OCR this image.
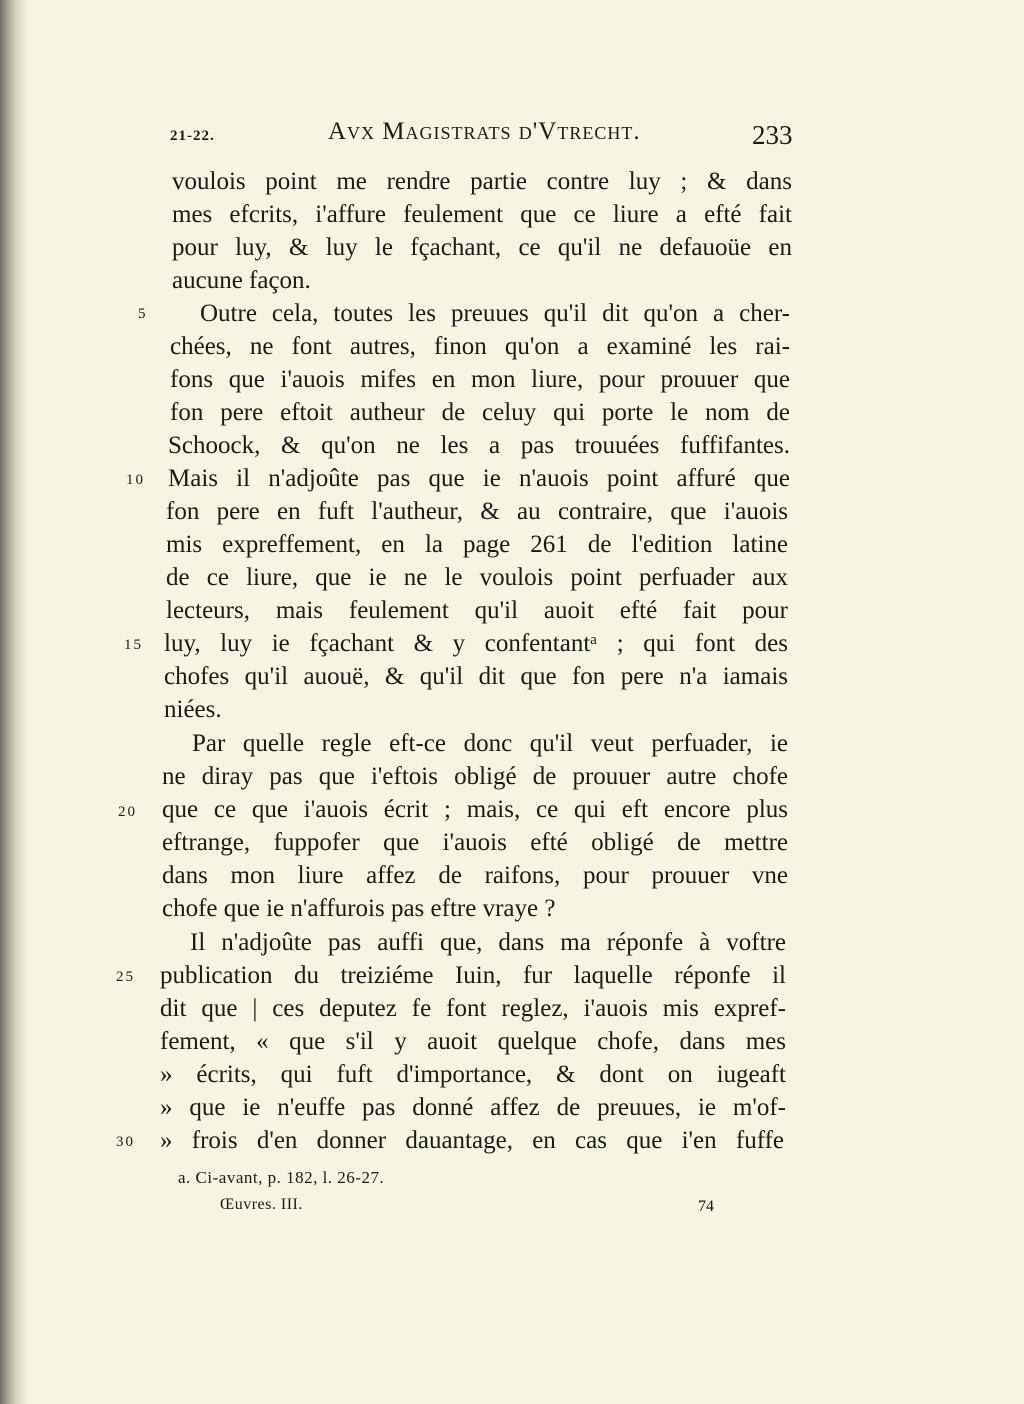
21-22.	Avx Magistrats d'Vtrecht.	233
5
10
15
20
25
30
voulois point me rendre partie contre luy ; & dans
mes efcrits, i'affure feulement que ce liure a efté fait
pour luy, & luy le fçachant, ce qu'il ne defauoüe en
aucune façon.
Outre cela, toutes les preuues qu'il dit qu'on a cher-
chées, ne font autres, finon qu'on a examiné les rai-
fons que i'auois mifes en mon liure, pour prouuer que
fon pere eftoit autheur de celuy qui porte le nom de
Schoock, & qu'on ne les a pas trouuées fuffifantes.
Mais il n'adjoûte pas que ie n'auois point affuré que
fon pere en fuft l'autheur, & au contraire, que i'auois
mis expreffement, en la page 261 de l'edition latine
de ce liure, que ie ne le voulois point perfuader aux
lecteurs, mais feulement qu'il auoit efté fait pour
luy, luy ie fçachant & y confentantᵃ ; qui font des
chofes qu'il auouë, & qu'il dit que fon pere n'a iamais
niées.
Par quelle regle eft-ce donc qu'il veut perfuader, ie
ne diray pas que i'eftois obligé de prouuer autre chofe
que ce que i'auois écrit ; mais, ce qui eft encore plus
eftrange, fuppofer que i'auois efté obligé de mettre
dans mon liure affez de raifons, pour prouuer vne
chofe que ie n'affurois pas eftre vraye ?
Il n'adjoûte pas auffi que, dans ma réponfe à voftre
publication du treiziéme Iuin, fur laquelle réponfe il
dit que | ces deputez fe font reglez, i'auois mis expref-
fement, « que s'il y auoit quelque chofe, dans mes
» écrits, qui fuft d'importance, & dont on iugeaft
» que ie n'euffe pas donné affez de preuues, ie m'of-
» frois d'en donner dauantage, en cas que i'en fuffe
a. Ci-avant, p. 182, l. 26-27.
Œuvres. III.	74
